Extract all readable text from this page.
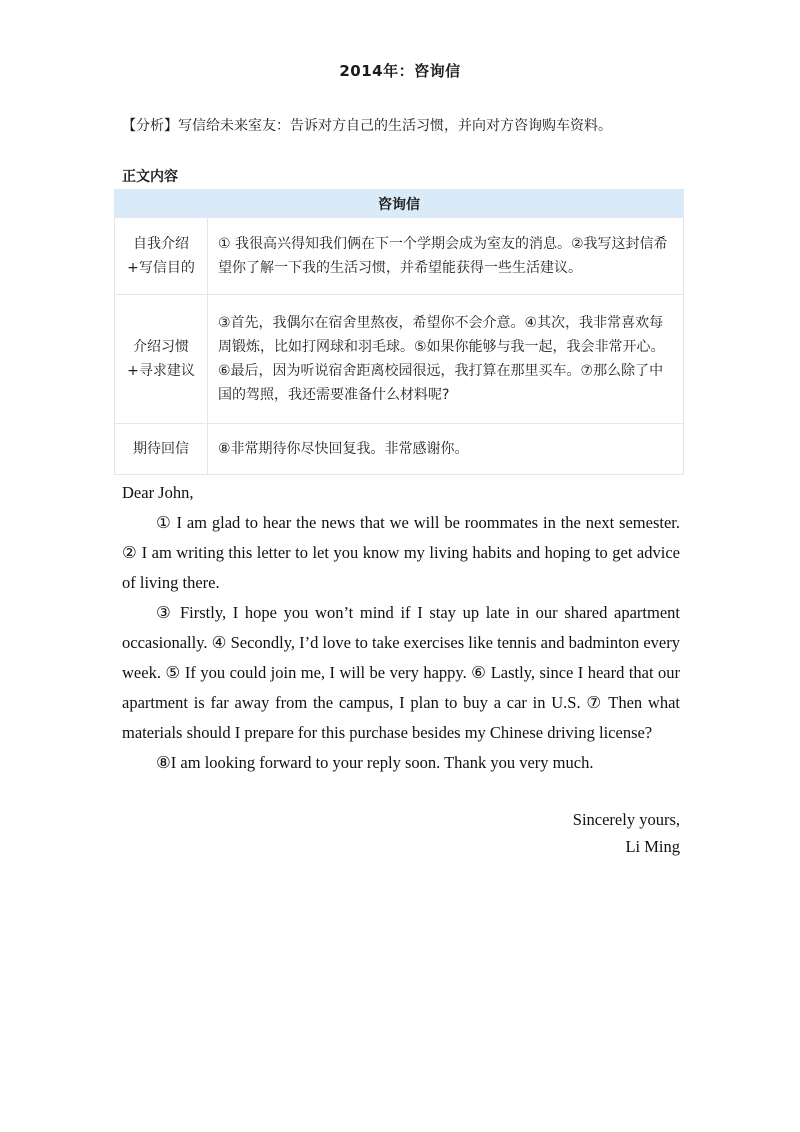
2014年：咨询信
【分析】写信给未来室友：告诉对方自己的生活习惯，并向对方咨询购车资料。
正文内容
咨询信	

自我介绍
+写信目的	① 我很高兴得知我们俩在下一个学期会成为室友的消息。②我写这封信希望你了解一下我的生活习惯，并希望能获得一些生活建议。

介绍习惯
+寻求建议	③首先，我偶尔在宿舍里熬夜，希望你不会介意。④其次，我非常喜欢每周锻炼，比如打网球和羽毛球。⑤如果你能够与我一起，我会非常开心。⑥最后，因为听说宿舍距离校园很远，我打算在那里买车。⑦那么除了中国的驾照，我还需要准备什么材料呢?

期待回信	⑧非常期待你尽快回复我。非常感谢你。

Dear John,

① I am glad to hear the news that we will be roommates in the next semester. ② I am writing this letter to let you know my living habits and hoping to get advice of living there.

③ Firstly, I hope you won’t mind if I stay up late in our shared apartment occasionally. ④ Secondly, I’d love to take exercises like tennis and badminton every week. ⑤ If you could join me, I will be very happy. ⑥ Lastly, since I heard that our apartment is far away from the campus, I plan to buy a car in U.S. ⑦ Then what materials should I prepare for this purchase besides my Chinese driving license?

⑧I am looking forward to your reply soon. Thank you very much.

Sincerely yours,
Li Ming
